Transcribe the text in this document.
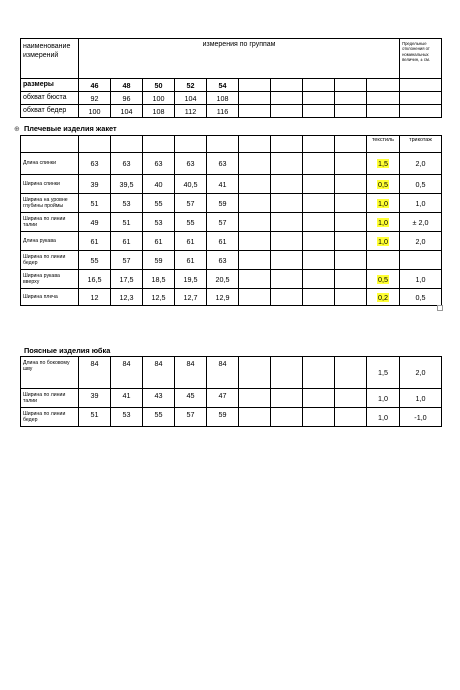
наименование измерений	измерения по группам										Предельные отклонения от номинальных величин, ± см.
размеры	46	48	50	52	54						
обхват бюста	92	96	100	104	108						
обхват бедер	100	104	108	112	116						
⊕ Плечевые изделия жакет
										текстиль	трикотаж
Длина спинки	63	63	63	63	63					1,5	2,0
Ширина спинки	39	39,5	40	40,5	41					0,5	0,5
Ширина на уровне глубины проймы	51	53	55	57	59					1,0	1,0
Ширина по линии талии	49	51	53	55	57					1,0	± 2,0
Длина рукава	61	61	61	61	61					1,0	2,0
Ширина по линии бедер	55	57	59	61	63						
Ширина рукава вверху	16,5	17,5	18,5	19,5	20,5					0,5	1,0
Ширина плеча	12	12,3	12,5	12,7	12,9					0,2	0,5
Поясные изделия юбка
Длина по боковому шву	84	84	84	84	84					1,5	2,0
Ширина по линии талии	39	41	43	45	47					1,0	1,0
Ширина по линии бедер	51	53	55	57	59					1,0	-1,0
